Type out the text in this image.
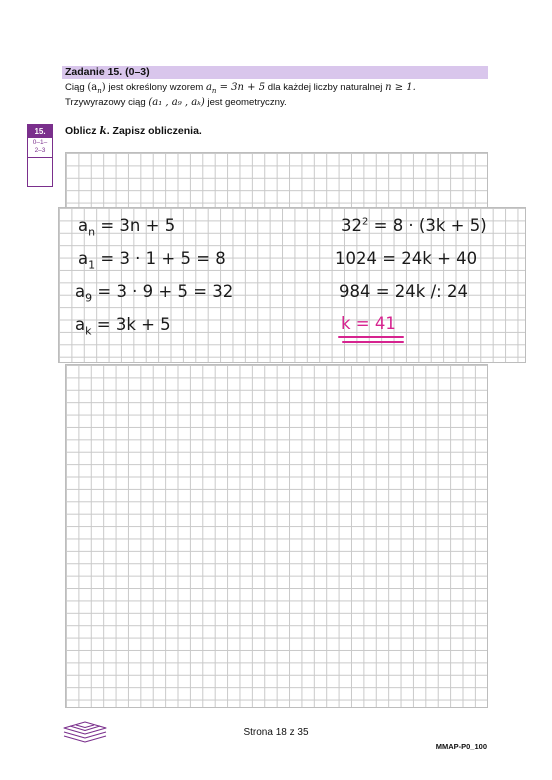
Zadanie 15. (0–3)
Ciąg $(a_n)$ jest określony wzorem $a_n = 3n + 5$ dla każdej liczby naturalnej n ≥ 1.
Trzywyrazowy ciąg (a₁ , a₉ , aₖ) jest geometryczny.
15.
0–1–
2–3
Oblicz k. Zapisz obliczenia.
$a_n = 3n + 5$
$a_1 = 3 \cdot 1 + 5 = 8$
$a_9 = 3 \cdot 9 + 5 = 32$
$a_k = 3k + 5$
$32^2 = 8 \cdot (3k + 5)$
1024 = 24k + 40
984 = 24k /: 24
k = 41
Strona 18 z 35
MMAP-P0_100
